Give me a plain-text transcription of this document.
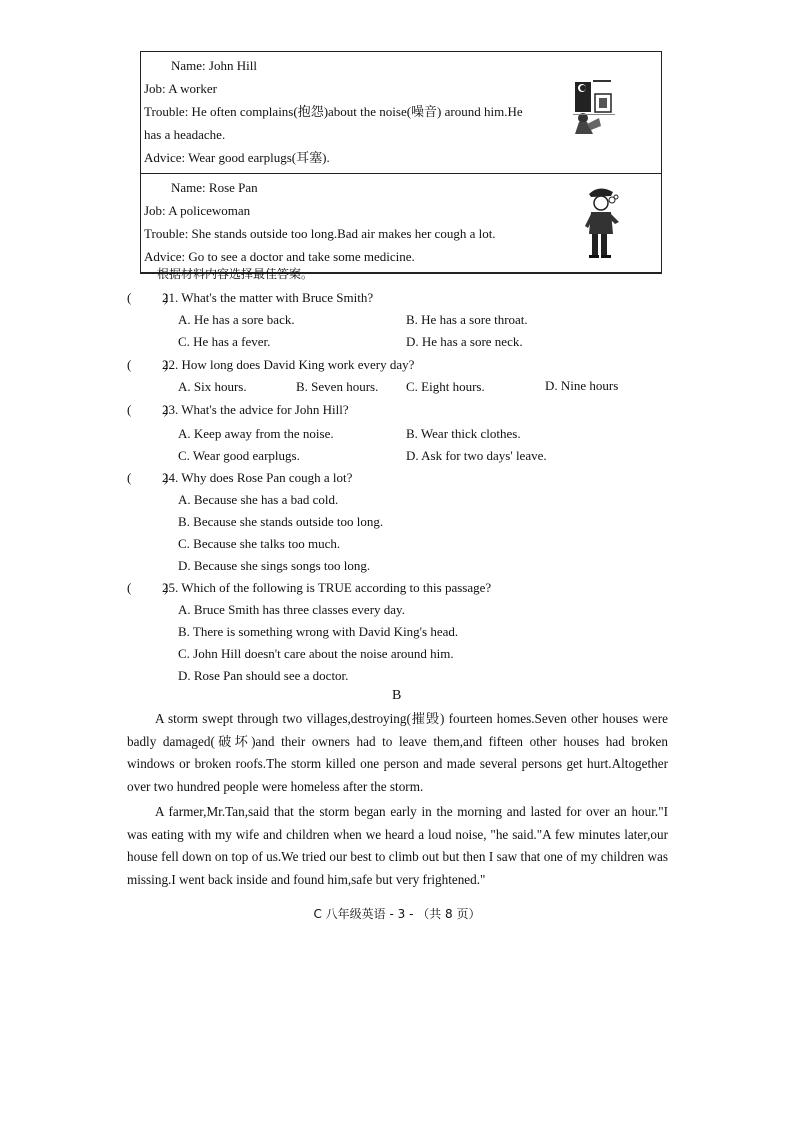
Name: John Hill
Job: A worker
Trouble: He often complains(抱怨)about the noise(噪音) around him.He
has a headache.
Advice: Wear good earplugs(耳塞).
Name: Rose Pan
Job: A policewoman
Trouble: She stands outside too long.Bad air makes her cough a lot.
Advice: Go to see a doctor and take some medicine.
根据材料内容选择最佳答案。
(          )
21. What's the matter with Bruce Smith?
A. He has a sore back.	B. He has a sore throat.
C. He has a fever.	D. He has a sore neck.
(          )
22. How long does David King work every day?
A. Six hours.	B. Seven hours. C. Eight hours.	D. Nine hours
(          )
23. What's the advice for John Hill?
A. Keep away from the noise.	B. Wear thick clothes.
C. Wear good earplugs.	D. Ask for two days' leave.
(          )
24. Why does Rose Pan cough a lot?
A. Because she has a bad cold.
B. Because she stands outside too long.
C. Because she talks too much.
D. Because she sings songs too long.
(          )
25. Which of the following is TRUE according to this passage?
A. Bruce Smith has three classes every day.
B. There is something wrong with David King's head.
C. John Hill doesn't care about the noise around him.
D. Rose Pan should see a doctor.
B
A storm swept through two villages,destroying(摧毁) fourteen homes.Seven other houses were badly damaged(破坏)and their owners had to leave them,and fifteen other houses had broken windows or broken roofs.The storm killed one person and made several persons get hurt.Altogether over two hundred people were homeless after the storm.
A farmer,Mr.Tan,said that the storm began early in the morning and lasted for over an hour."I was eating with my wife and children when we heard a loud noise, "he said."A few minutes later,our house fell down on top of us.We tried our best to climb out but then I saw that one of my children was missing.I went back inside and found him,safe but very frightened."
C 八年级英语 - 3 - （共 8 页）
